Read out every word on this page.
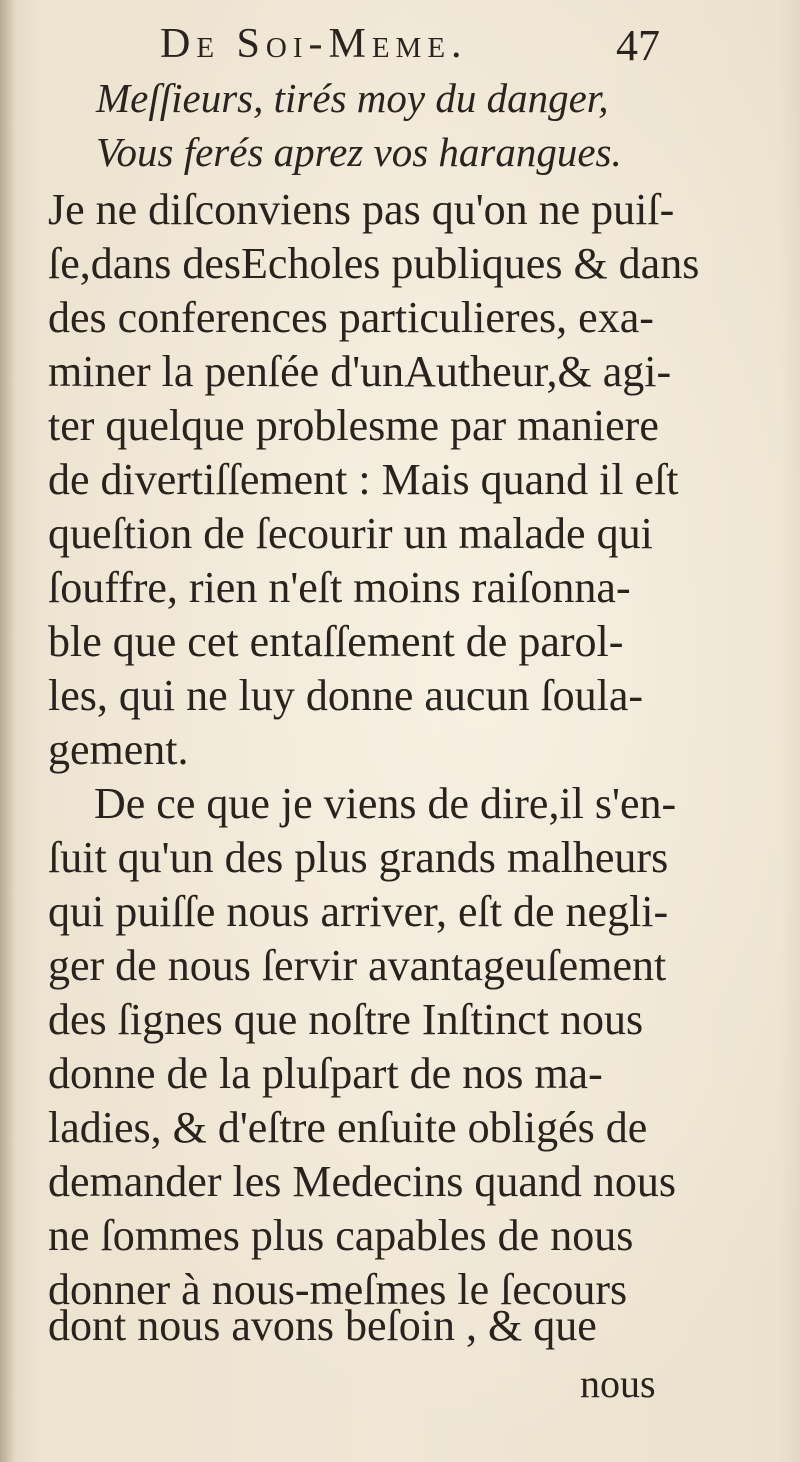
De Soi-Meme.	47
Meſſieurs, tirés moy du danger,
Vous ferés aprez vos harangues.
Je ne diſconviens pas qu'on ne puiſ-
ſe,dans desEcholes publiques & dans
des conferences particulieres, exa-
miner la penſée d'unAutheur,& agi-
ter quelque problesme par maniere
de divertiſſement : Mais quand il eſt
queſtion de ſecourir un malade qui
ſouffre, rien n'eſt moins raiſonna-
ble que cet entaſſement de parol-
les, qui ne luy donne aucun ſoula-
gement.
De ce que je viens de dire,il s'en-
ſuit qu'un des plus grands malheurs
qui puiſſe nous arriver, eſt de negli-
ger de nous ſervir avantageuſement
des ſignes que noſtre Inſtinct nous
donne de la pluſpart de nos ma-
ladies, & d'eſtre enſuite obligés de
demander les Medecins quand nous
ne ſommes plus capables de nous
donner à nous-meſmes le ſecours
dont nous avons beſoin , & que
nous
